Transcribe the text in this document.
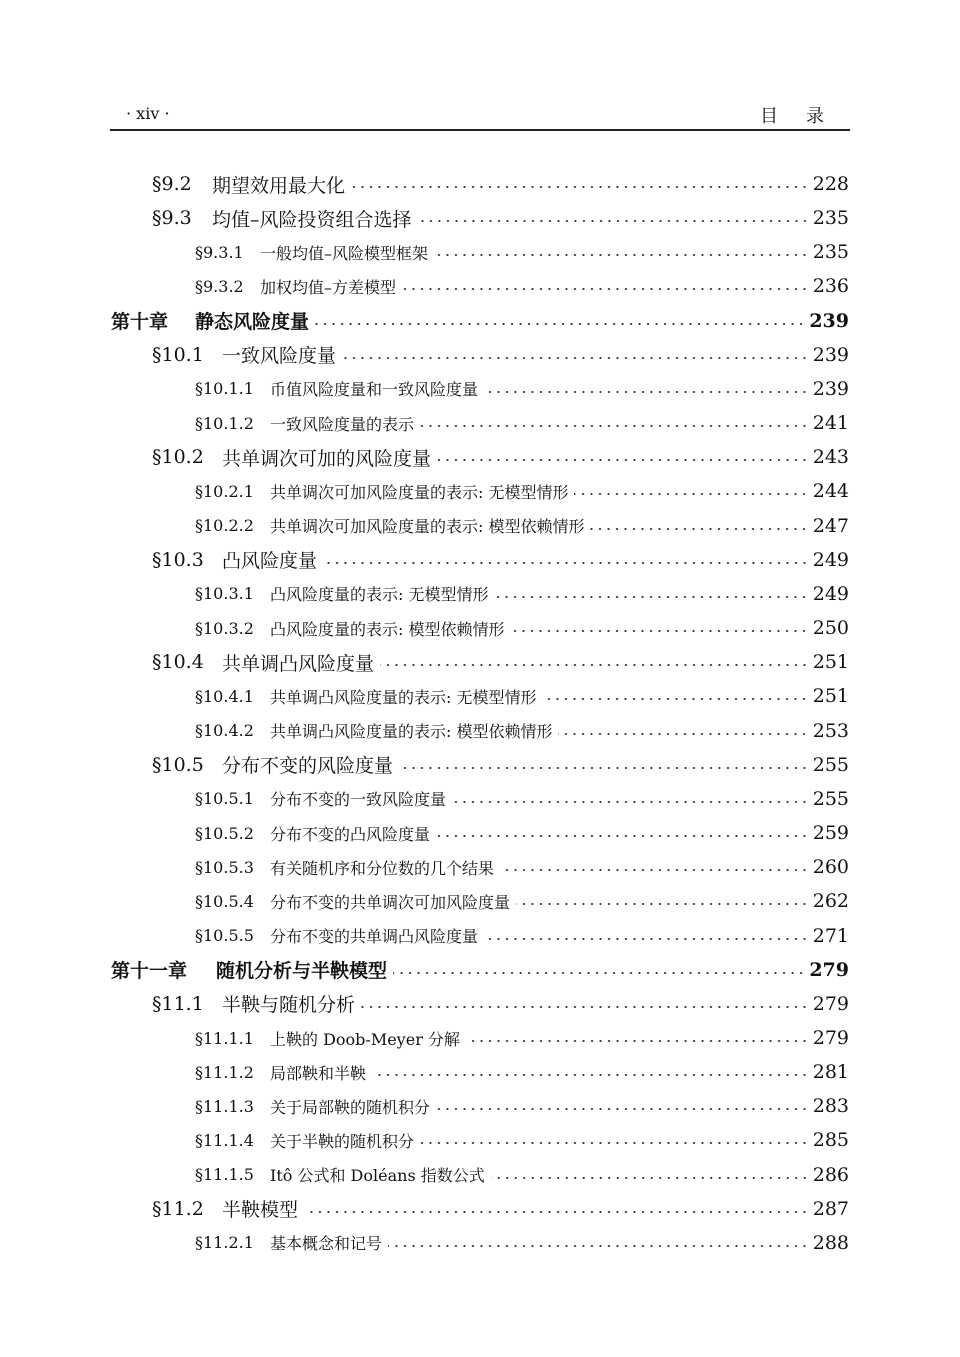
· xiv ·	目录
§9.2	期望效用最大化	228
§9.3	均值–风险投资组合选择	235
§9.3.1	一般均值–风险模型框架	235
§9.3.2	加权均值–方差模型	236
第十章	静态风险度量	239
§10.1 一致风险度量	239
§10.1.1	币值风险度量和一致风险度量	239
§10.1.2	一致风险度量的表示	241
§10.2 共单调次可加的风险度量	243
§10.2.1	共单调次可加风险度量的表示: 无模型情形	244
§10.2.2	共单调次可加风险度量的表示: 模型依赖情形	247
§10.3 凸风险度量	249
§10.3.1	凸风险度量的表示: 无模型情形	249
§10.3.2	凸风险度量的表示: 模型依赖情形	250
§10.4 共单调凸风险度量	251
§10.4.1	共单调凸风险度量的表示: 无模型情形	251
§10.4.2	共单调凸风险度量的表示: 模型依赖情形	253
§10.5 分布不变的风险度量	255
§10.5.1	分布不变的一致风险度量	255
§10.5.2	分布不变的凸风险度量	259
§10.5.3	有关随机序和分位数的几个结果	260
§10.5.4	分布不变的共单调次可加风险度量	262
§10.5.5	分布不变的共单调凸风险度量	271
第十一章	随机分析与半鞅模型	279
§11.1 半鞅与随机分析	279
§11.1.1	上鞅的 Doob-Meyer 分解	279
§11.1.2	局部鞅和半鞅	281
§11.1.3	关于局部鞅的随机积分	283
§11.1.4	关于半鞅的随机积分	285
§11.1.5	Itô 公式和 Doléans 指数公式	286
§11.2 半鞅模型	287
§11.2.1	基本概念和记号	288
